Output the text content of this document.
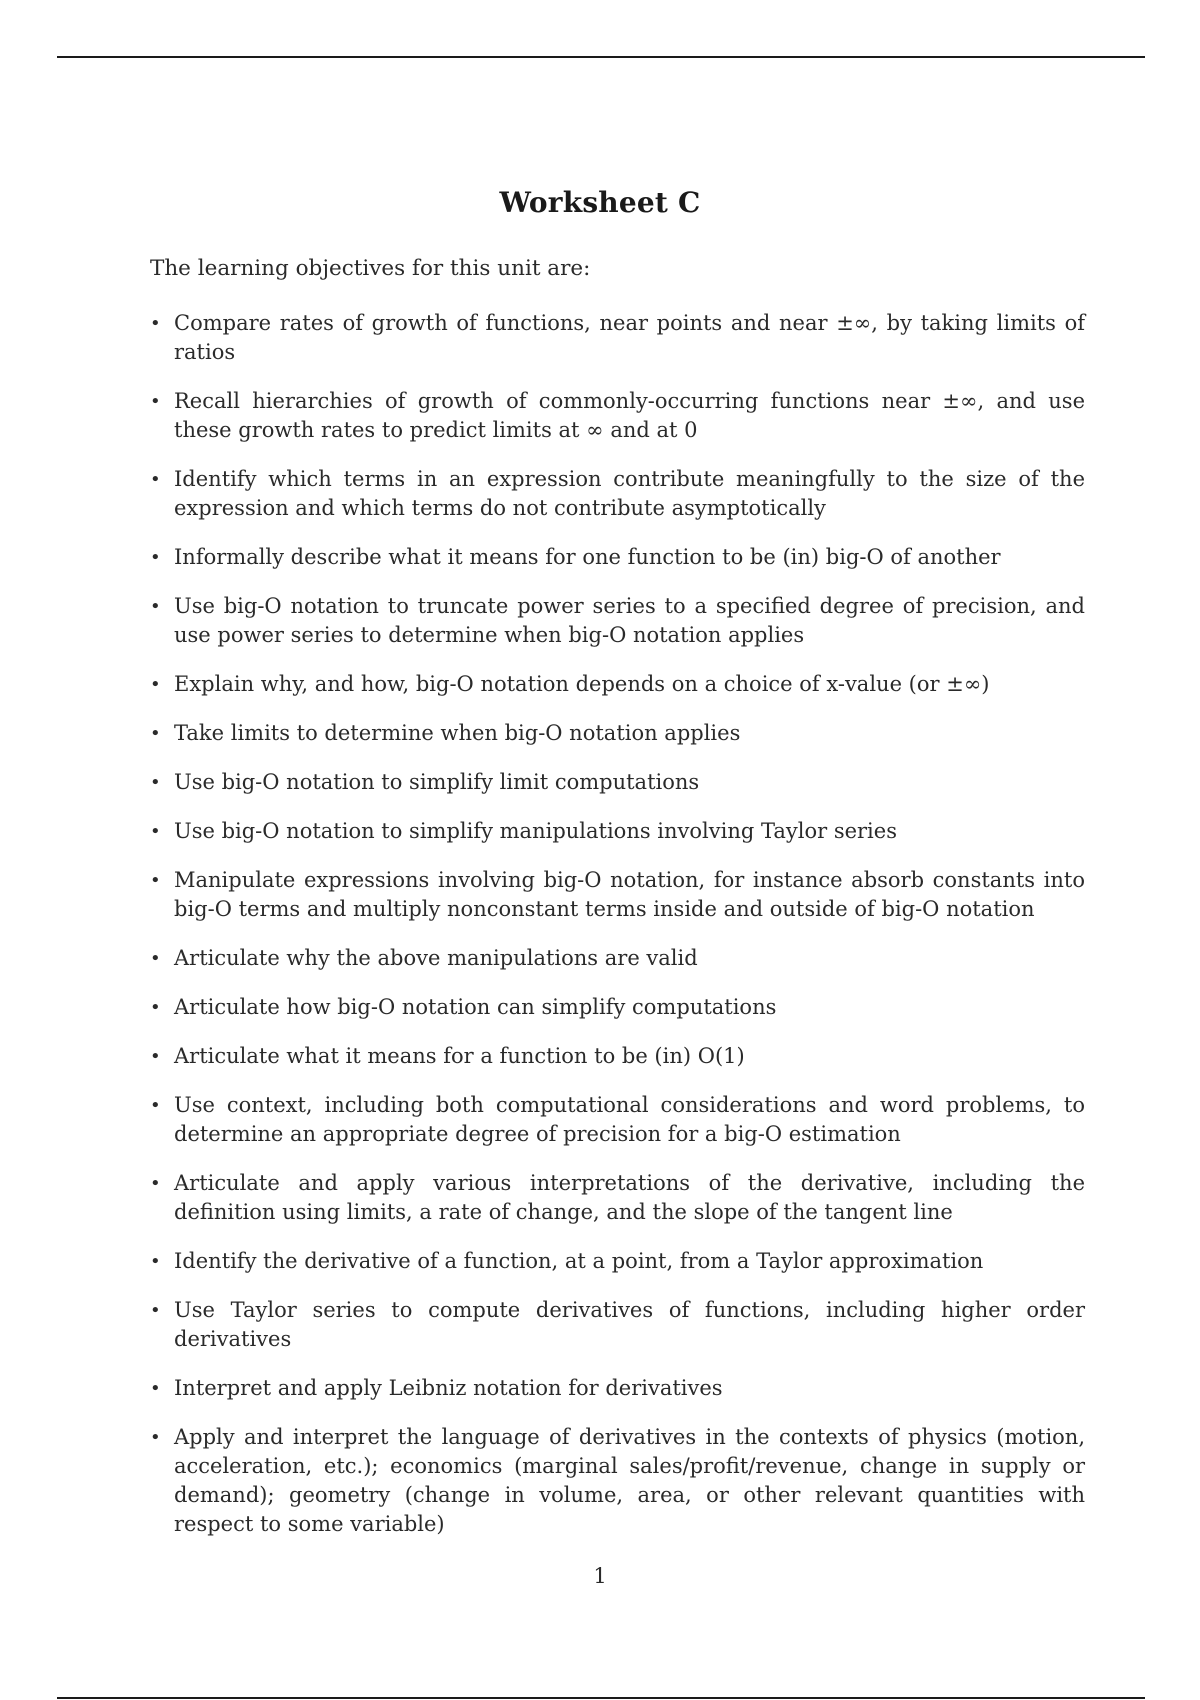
Worksheet C
The learning objectives for this unit are:
• Compare rates of growth of functions, near points and near ±∞, by taking limits of ratios
• Recall hierarchies of growth of commonly-occurring functions near ±∞, and use these growth rates to predict limits at ∞ and at 0
• Identify which terms in an expression contribute meaningfully to the size of the expression and which terms do not contribute asymptotically
• Informally describe what it means for one function to be (in) big-O of another
• Use big-O notation to truncate power series to a specified degree of precision, and use power series to determine when big-O notation applies
• Explain why, and how, big-O notation depends on a choice of x-value (or ±∞)
• Take limits to determine when big-O notation applies
• Use big-O notation to simplify limit computations
• Use big-O notation to simplify manipulations involving Taylor series
• Manipulate expressions involving big-O notation, for instance absorb constants into big-O terms and multiply nonconstant terms inside and outside of big-O notation
• Articulate why the above manipulations are valid
• Articulate how big-O notation can simplify computations
• Articulate what it means for a function to be (in) O(1)
• Use context, including both computational considerations and word problems, to determine an appropriate degree of precision for a big-O estimation
• Articulate and apply various interpretations of the derivative, including the definition using limits, a rate of change, and the slope of the tangent line
• Identify the derivative of a function, at a point, from a Taylor approximation
• Use Taylor series to compute derivatives of functions, including higher order derivatives
• Interpret and apply Leibniz notation for derivatives
• Apply and interpret the language of derivatives in the contexts of physics (motion, acceleration, etc.); economics (marginal sales/profit/revenue, change in supply or demand); geometry (change in volume, area, or other relevant quantities with respect to some variable)
1
